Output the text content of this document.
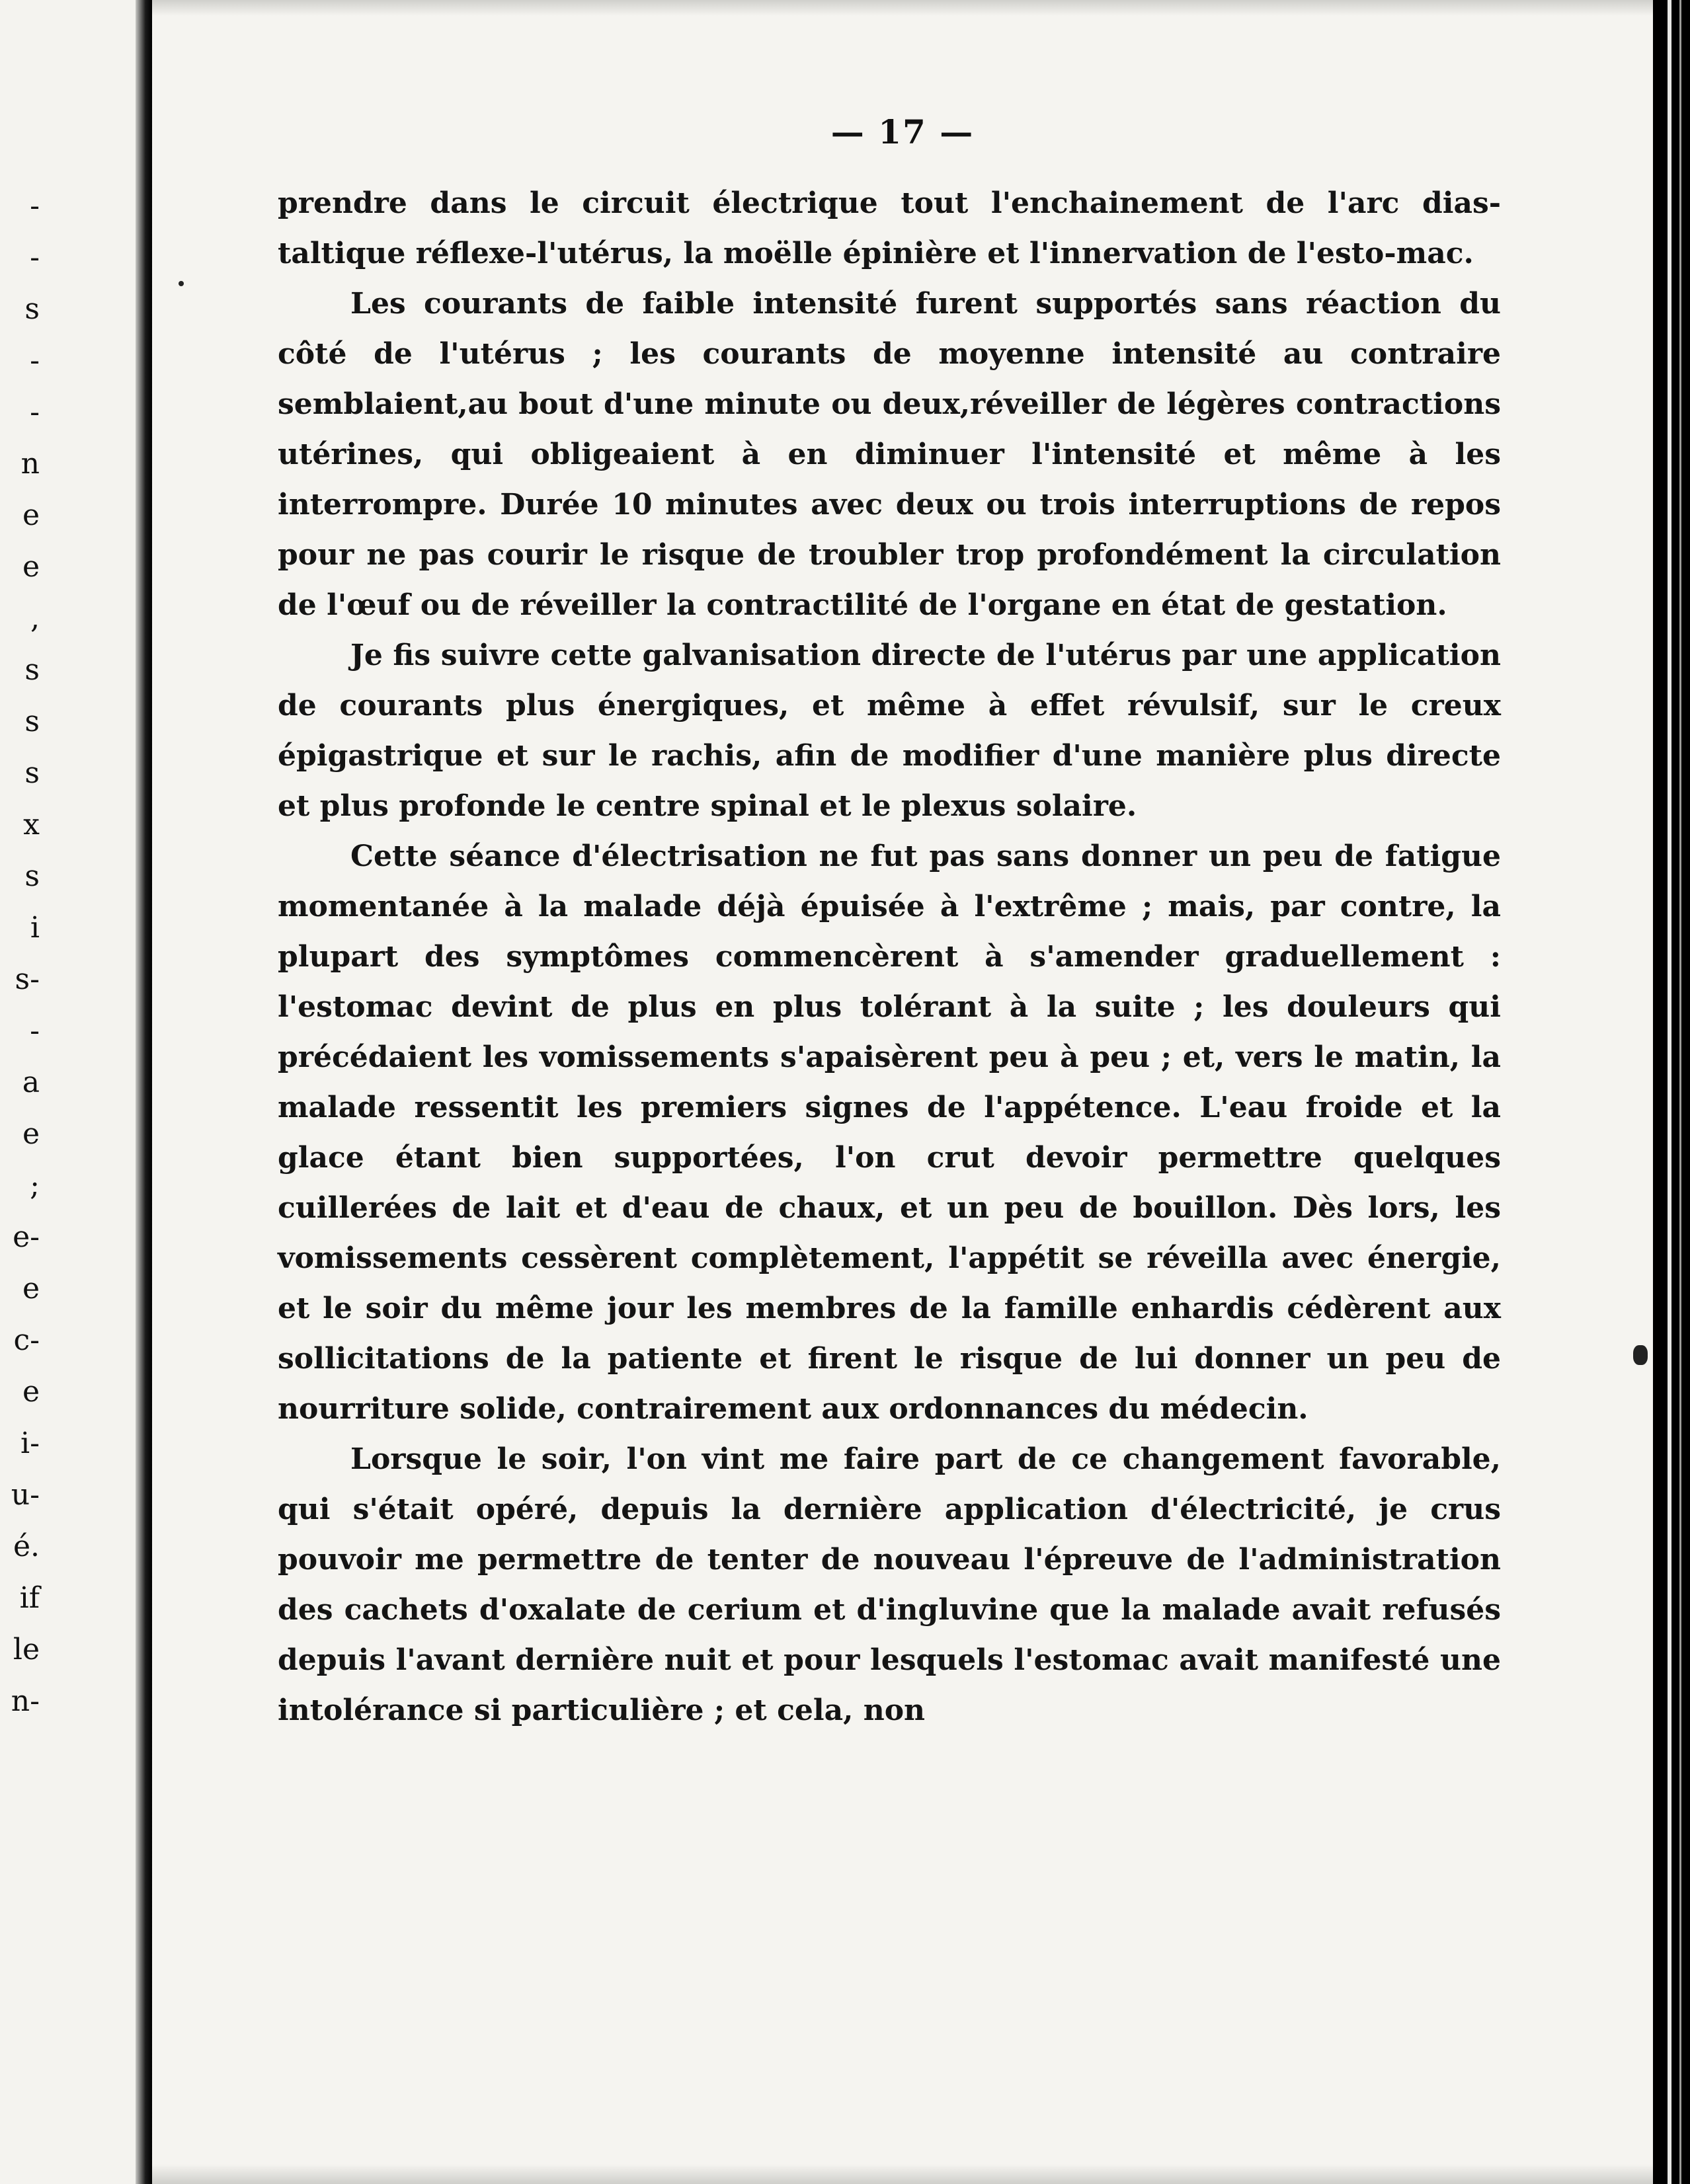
-
-
s
-
-
n
e
e
,
s
s
s
x
s
i
s-
-
a
e
;
e-
e
c-
e
i-
u-
é.
if
le
n-
— 17 —

prendre dans le circuit électrique tout l'enchainement de l'arc dias-taltique réflexe-l'utérus, la moëlle épinière et l'innervation de l'esto-mac.

Les courants de faible intensité furent supportés sans réaction du côté de l'utérus ; les courants de moyenne intensité au contraire semblaient,au bout d'une minute ou deux,réveiller de légères contractions utérines, qui obligeaient à en diminuer l'intensité et même à les interrompre. Durée 10 minutes avec deux ou trois interruptions de repos pour ne pas courir le risque de troubler trop profondément la circulation de l'œuf ou de réveiller la contractilité de l'organe en état de gestation.

Je fis suivre cette galvanisation directe de l'utérus par une application de courants plus énergiques, et même à effet révulsif, sur le creux épigastrique et sur le rachis, afin de modifier d'une manière plus directe et plus profonde le centre spinal et le plexus solaire.

Cette séance d'électrisation ne fut pas sans donner un peu de fatigue momentanée à la malade déjà épuisée à l'extrême ; mais, par contre, la plupart des symptômes commencèrent à s'amender graduellement : l'estomac devint de plus en plus tolérant à la suite ; les douleurs qui précédaient les vomissements s'apaisèrent peu à peu ; et, vers le matin, la malade ressentit les premiers signes de l'appétence. L'eau froide et la glace étant bien supportées, l'on crut devoir permettre quelques cuillerées de lait et d'eau de chaux, et un peu de bouillon. Dès lors, les vomissements cessèrent complètement, l'appétit se réveilla avec énergie, et le soir du même jour les membres de la famille enhardis cédèrent aux sollicitations de la patiente et firent le risque de lui donner un peu de nourriture solide, contrairement aux ordonnances du médecin.

Lorsque le soir, l'on vint me faire part de ce changement favorable, qui s'était opéré, depuis la dernière application d'électricité, je crus pouvoir me permettre de tenter de nouveau l'épreuve de l'administration des cachets d'oxalate de cerium et d'ingluvine que la malade avait refusés depuis l'avant dernière nuit et pour lesquels l'estomac avait manifesté une intolérance si particulière ; et cela, non
